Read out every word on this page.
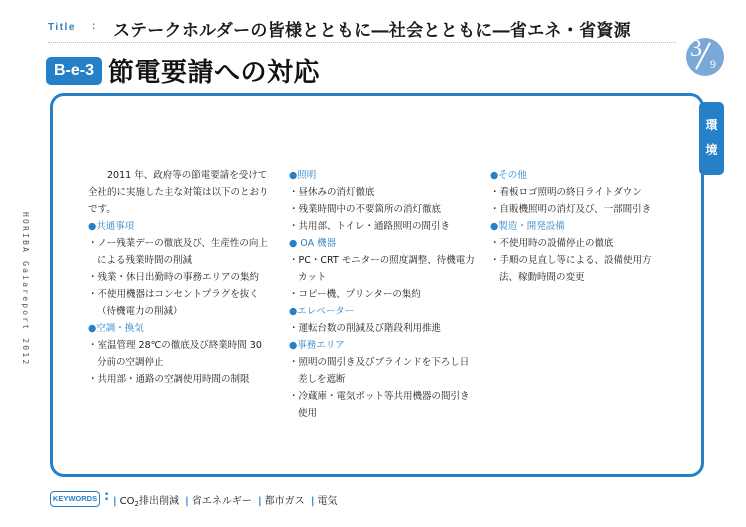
Title : ステークホルダーの皆様とともに―社会とともに―省エネ・省資源
B-e-3 節電要請への対応
3
9
HORIBA Gaiareport 2012
環
境
2011 年、政府等の節電要請を受けて全社的に実施した主な対策は以下のとおりです。
●共通事項
・ノー残業デーの徹底及び、生産性の向上による残業時間の削減
・残業・休日出勤時の事務エリアの集約
・不使用機器はコンセントプラグを抜く（待機電力の削減）
●空調・換気
・室温管理 28℃の徹底及び終業時間 30 分前の空調停止
・共用部・通路の空調使用時間の制限
●照明
・昼休みの消灯徹底
・残業時間中の不要箇所の消灯徹底
・共用部、トイレ・通路照明の間引き
● OA 機器
・PC・CRT モニターの照度調整、待機電力カット
・コピー機、プリンターの集約
●エレベーター
・運転台数の削減及び階段利用推進
●事務エリア
・照明の間引き及びブラインドを下ろし日差しを遮断
・冷蔵庫・電気ポット等共用機器の間引き使用
●その他
・看板ロゴ照明の終日ライトダウン
・自販機照明の消灯及び、一部間引き
●製造・開発設備
・不使用時の設備停止の徹底
・手順の見直し等による、設備使用方法、稼動時間の変更
KEYWORDS : | $CO_2$排出削減 | 省エネルギー | 都市ガス | 電気
